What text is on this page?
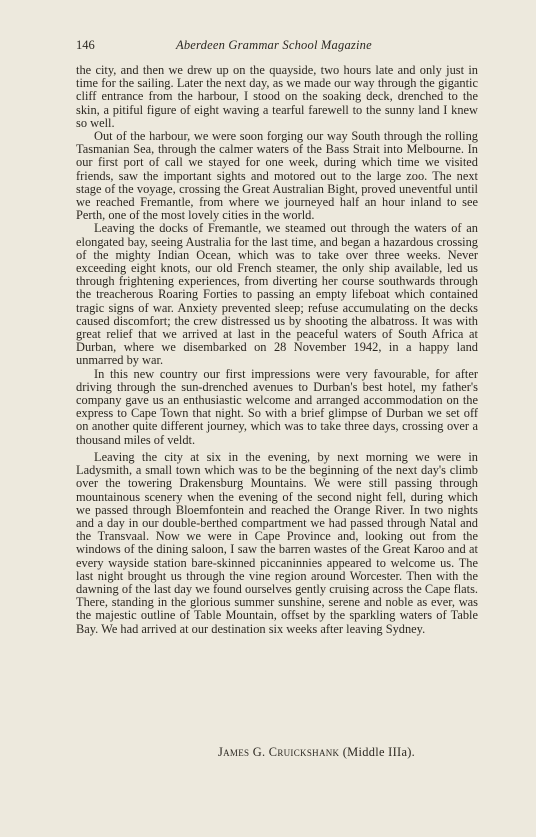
146	Aberdeen Grammar School Magazine

the city, and then we drew up on the quayside, two hours late and only just in time for the sailing. Later the next day, as we made our way through the gigantic cliff entrance from the harbour, I stood on the soaking deck, drenched to the skin, a pitiful figure of eight waving a tearful farewell to the sunny land I knew so well.

Out of the harbour, we were soon forging our way South through the rolling Tasmanian Sea, through the calmer waters of the Bass Strait into Melbourne. In our first port of call we stayed for one week, during which time we visited friends, saw the important sights and motored out to the large zoo. The next stage of the voyage, crossing the Great Australian Bight, proved uneventful until we reached Fremantle, from where we journeyed half an hour inland to see Perth, one of the most lovely cities in the world.

Leaving the docks of Fremantle, we steamed out through the waters of an elongated bay, seeing Australia for the last time, and began a hazardous crossing of the mighty Indian Ocean, which was to take over three weeks. Never exceeding eight knots, our old French steamer, the only ship available, led us through frightening experiences, from diverting her course southwards through the treacherous Roaring Forties to passing an empty lifeboat which contained tragic signs of war. Anxiety prevented sleep; refuse accumulating on the decks caused discomfort; the crew distressed us by shooting the albatross. It was with great relief that we arrived at last in the peaceful waters of South Africa at Durban, where we disembarked on 28 November 1942, in a happy land unmarred by war.

In this new country our first impressions were very favourable, for after driving through the sun-drenched avenues to Durban's best hotel, my father's company gave us an enthusiastic welcome and arranged accommodation on the express to Cape Town that night. So with a brief glimpse of Durban we set off on another quite different journey, which was to take three days, crossing over a thousand miles of veldt.

Leaving the city at six in the evening, by next morning we were in Ladysmith, a small town which was to be the beginning of the next day's climb over the towering Drakensburg Mountains. We were still passing through mountainous scenery when the evening of the second night fell, during which we passed through Bloemfontein and reached the Orange River. In two nights and a day in our double-berthed compartment we had passed through Natal and the Transvaal. Now we were in Cape Province and, looking out from the windows of the dining saloon, I saw the barren wastes of the Great Karoo and at every wayside station bare-skinned piccaninnies appeared to welcome us. The last night brought us through the vine region around Worcester. Then with the dawning of the last day we found ourselves gently cruising across the Cape flats. There, standing in the glorious summer sunshine, serene and noble as ever, was the majestic outline of Table Mountain, offset by the sparkling waters of Table Bay. We had arrived at our destination six weeks after leaving Sydney.

James G. Cruickshank (Middle IIIa).
